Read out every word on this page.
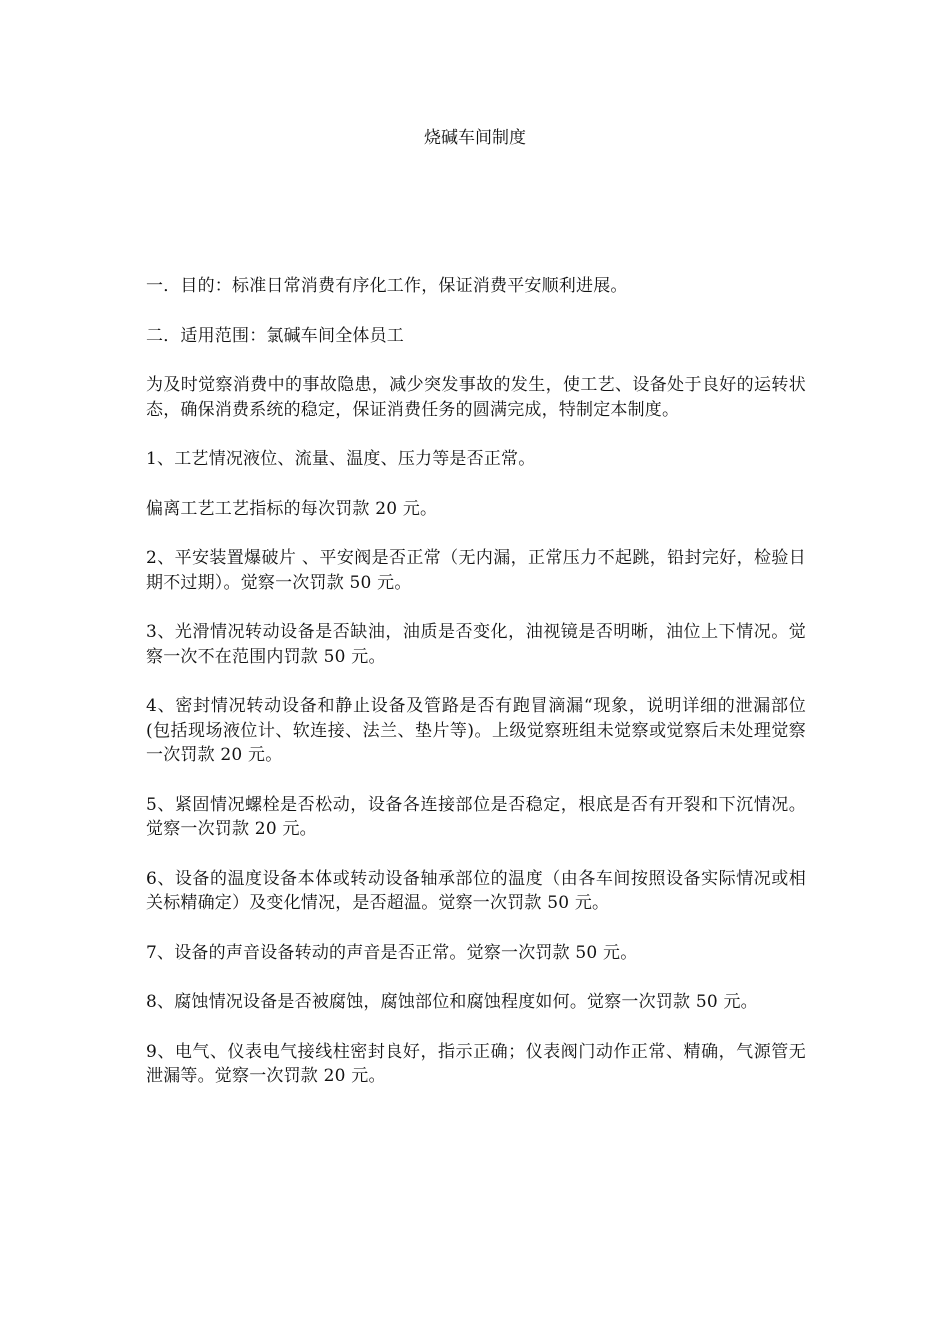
烧碱车间制度

一．目的：标准日常消费有序化工作，保证消费平安顺利进展。

二．适用范围：氯碱车间全体员工

为及时觉察消费中的事故隐患，减少突发事故的发生，使工艺、设备处于良好的运转状态，确保消费系统的稳定，保证消费任务的圆满完成，特制定本制度。

1、工艺情况液位、流量、温度、压力等是否正常。

偏离工艺工艺指标的每次罚款 20 元。

2、平安装置爆破片 、平安阀是否正常（无内漏，正常压力不起跳，铅封完好，检验日期不过期）。觉察一次罚款 50 元。

3、光滑情况转动设备是否缺油，油质是否变化，油视镜是否明晰，油位上下情况。觉察一次不在范围内罚款 50 元。

4、密封情况转动设备和静止设备及管路是否有跑冒滴漏“现象，说明详细的泄漏部位(包括现场液位计、软连接、法兰、垫片等)。上级觉察班组未觉察或觉察后未处理觉察一次罚款 20 元。

5、紧固情况螺栓是否松动，设备各连接部位是否稳定，根底是否有开裂和下沉情况。觉察一次罚款 20 元。

6、设备的温度设备本体或转动设备轴承部位的温度（由各车间按照设备实际情况或相关标精确定）及变化情况，是否超温。觉察一次罚款 50 元。

7、设备的声音设备转动的声音是否正常。觉察一次罚款 50 元。

8、腐蚀情况设备是否被腐蚀，腐蚀部位和腐蚀程度如何。觉察一次罚款 50 元。

9、电气、仪表电气接线柱密封良好，指示正确；仪表阀门动作正常、精确，气源管无泄漏等。觉察一次罚款 20 元。
